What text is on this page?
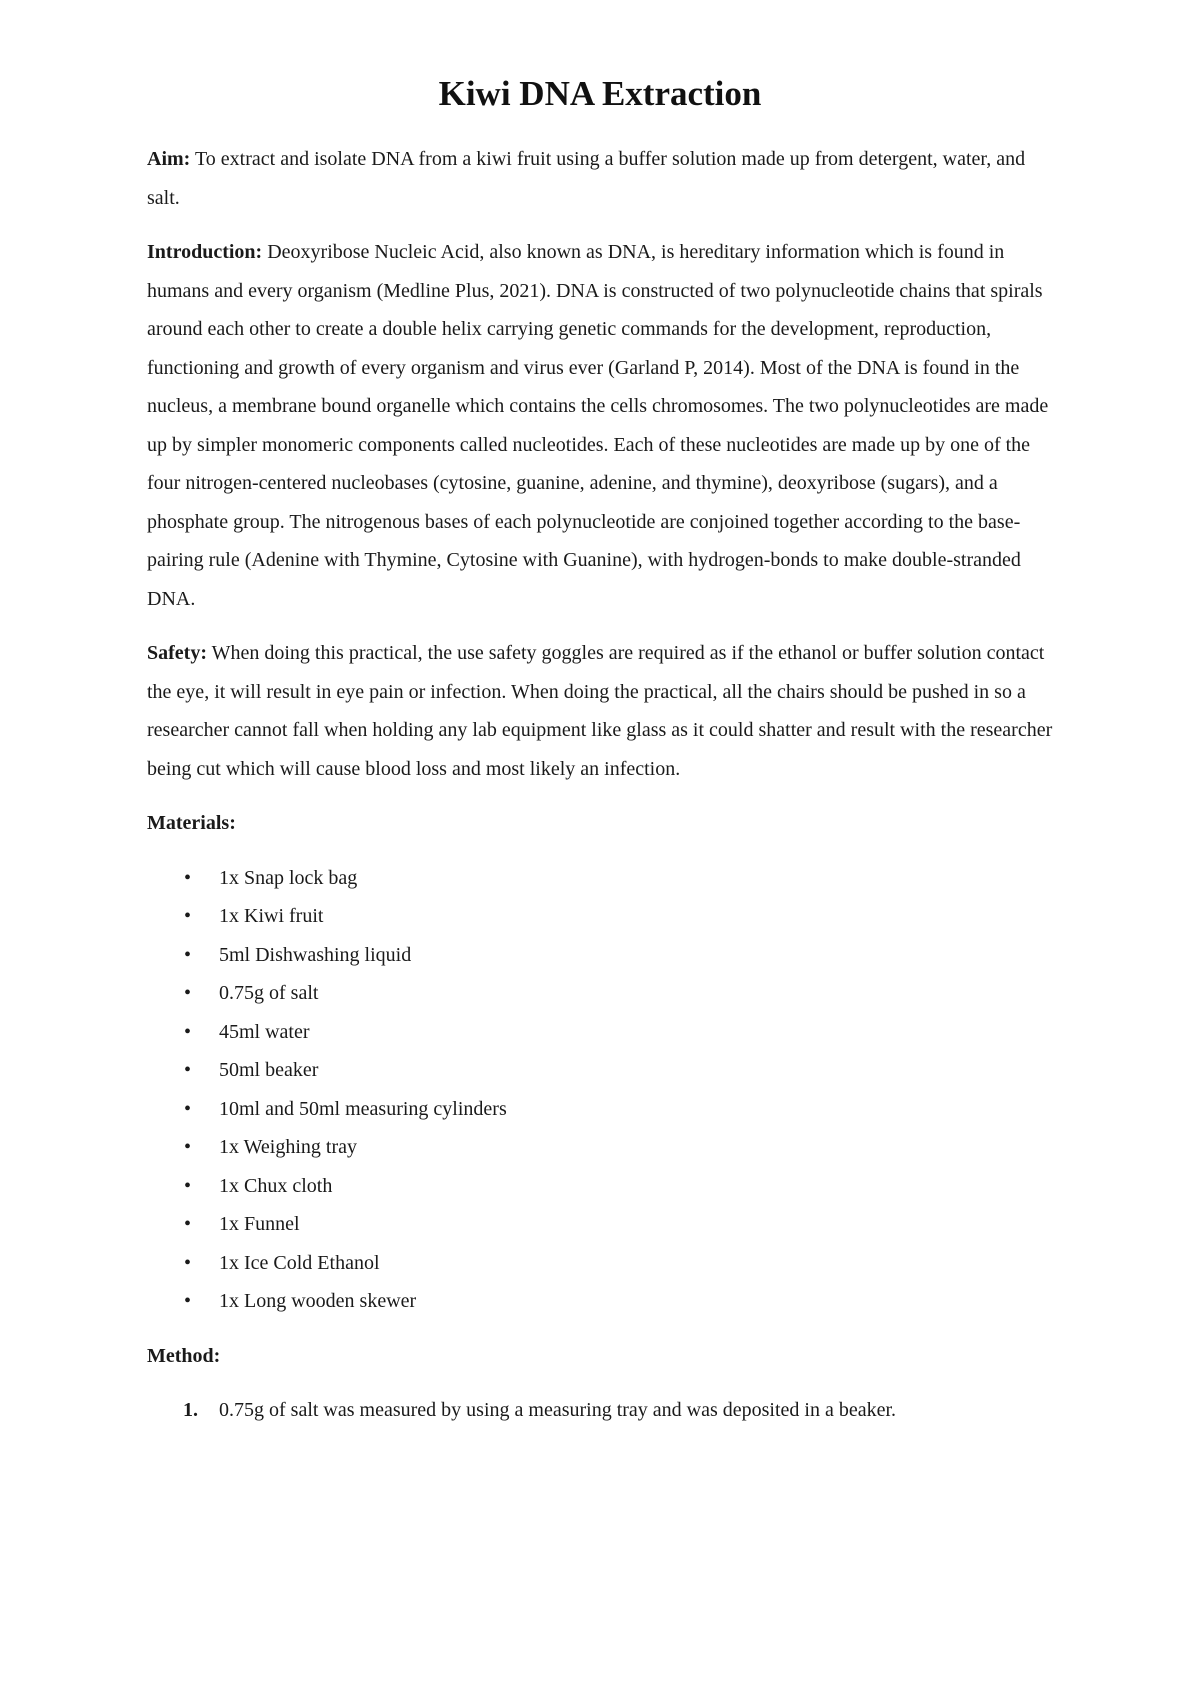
Kiwi DNA Extraction

Aim: To extract and isolate DNA from a kiwi fruit using a buffer solution made up from detergent, water, and salt.

Introduction: Deoxyribose Nucleic Acid, also known as DNA, is hereditary information which is found in humans and every organism (Medline Plus, 2021). DNA is constructed of two polynucleotide chains that spirals around each other to create a double helix carrying genetic commands for the development, reproduction, functioning and growth of every organism and virus ever (Garland P, 2014). Most of the DNA is found in the nucleus, a membrane bound organelle which contains the cells chromosomes. The two polynucleotides are made up by simpler monomeric components called nucleotides. Each of these nucleotides are made up by one of the four nitrogen-centered nucleobases (cytosine, guanine, adenine, and thymine), deoxyribose (sugars), and a phosphate group. The nitrogenous bases of each polynucleotide are conjoined together according to the base-pairing rule (Adenine with Thymine, Cytosine with Guanine), with hydrogen-bonds to make double-stranded DNA.

Safety: When doing this practical, the use safety goggles are required as if the ethanol or buffer solution contact the eye, it will result in eye pain or infection. When doing the practical, all the chairs should be pushed in so a researcher cannot fall when holding any lab equipment like glass as it could shatter and result with the researcher being cut which will cause blood loss and most likely an infection.

Materials:
• 1x Snap lock bag
• 1x Kiwi fruit
• 5ml Dishwashing liquid
• 0.75g of salt
• 45ml water
• 50ml beaker
• 10ml and 50ml measuring cylinders
• 1x Weighing tray
• 1x Chux cloth
• 1x Funnel
• 1x Ice Cold Ethanol
• 1x Long wooden skewer
Method:
1. 0.75g of salt was measured by using a measuring tray and was deposited in a beaker.
